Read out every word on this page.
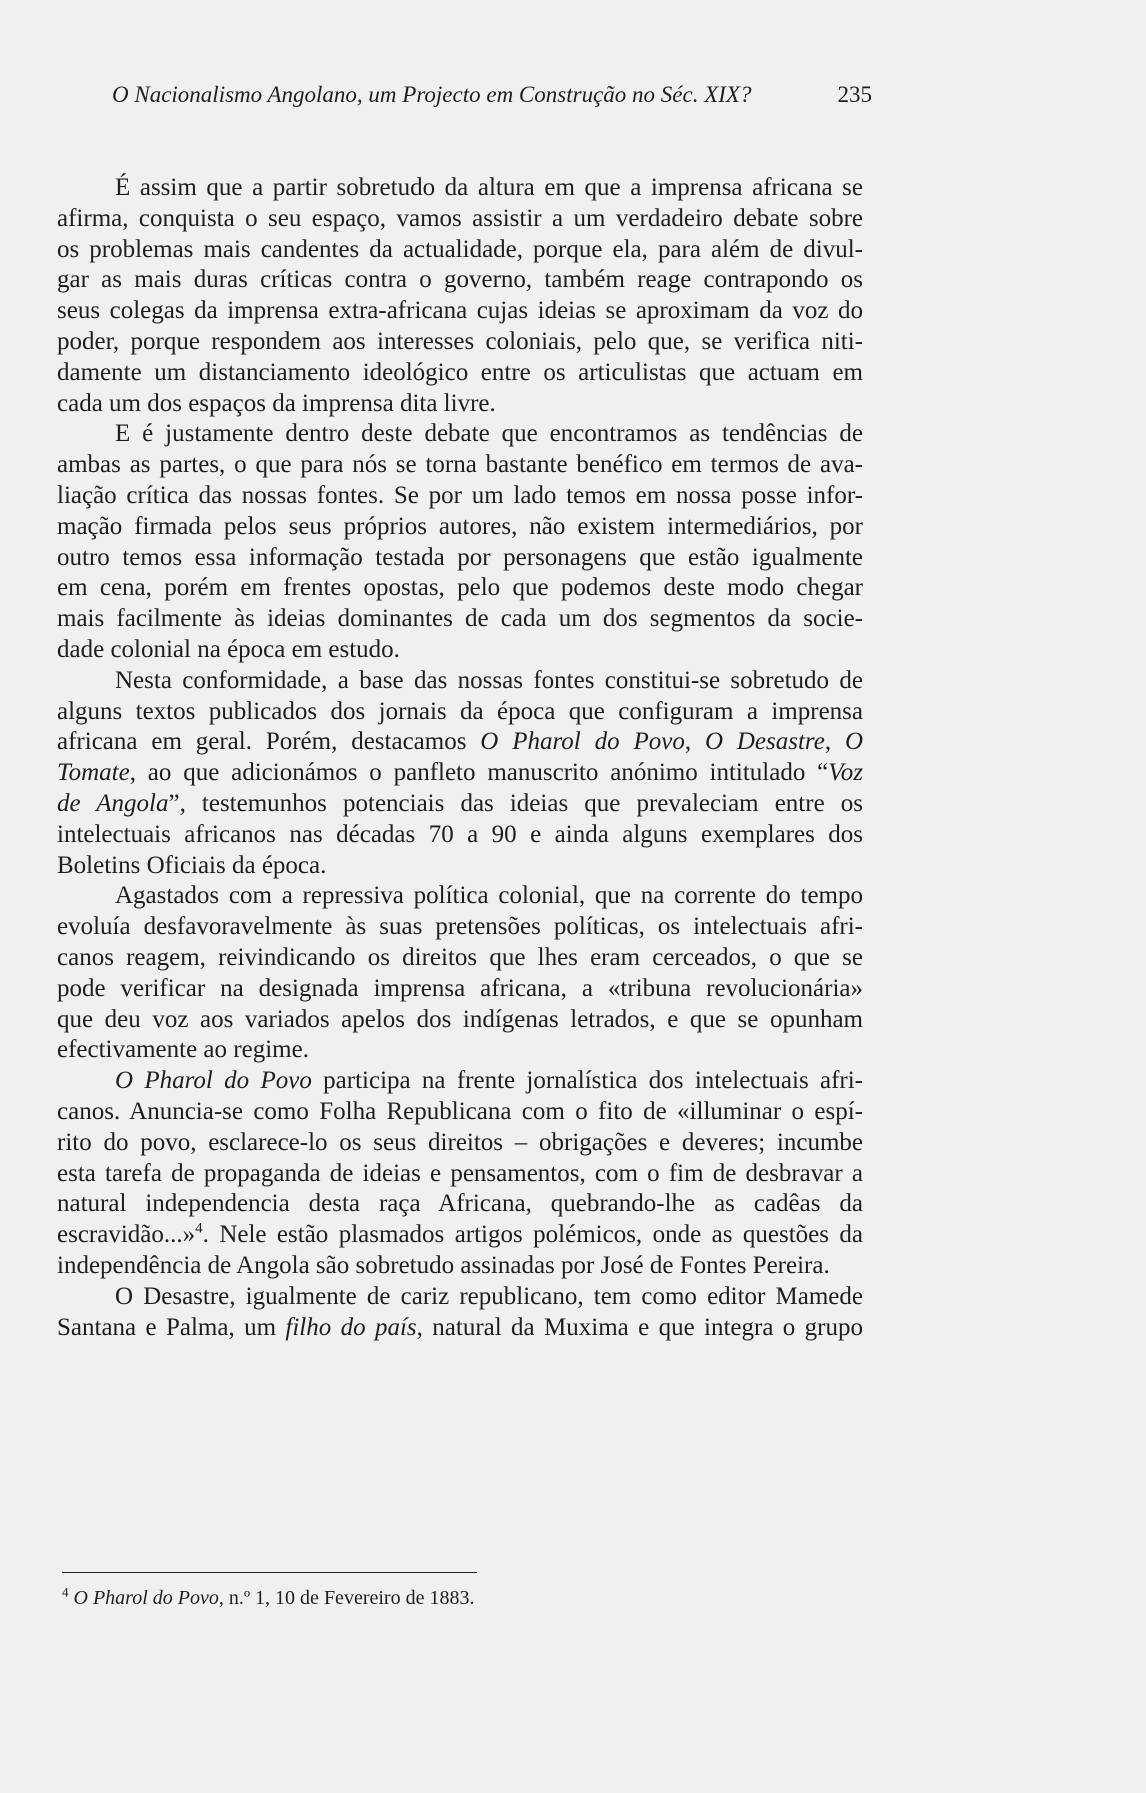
O Nacionalismo Angolano, um Projecto em Construção no Séc. XIX?	235
É assim que a partir sobretudo da altura em que a imprensa africana se
afirma, conquista o seu espaço, vamos assistir a um verdadeiro debate sobre
os problemas mais candentes da actualidade, porque ela, para além de divul-
gar as mais duras críticas contra o governo, também reage contrapondo os
seus colegas da imprensa extra-africana cujas ideias se aproximam da voz do
poder, porque respondem aos interesses coloniais, pelo que, se verifica niti-
damente um distanciamento ideológico entre os articulistas que actuam em
cada um dos espaços da imprensa dita livre.
E é justamente dentro deste debate que encontramos as tendências de
ambas as partes, o que para nós se torna bastante benéfico em termos de ava-
liação crítica das nossas fontes. Se por um lado temos em nossa posse infor-
mação firmada pelos seus próprios autores, não existem intermediários, por
outro temos essa informação testada por personagens que estão igualmente
em cena, porém em frentes opostas, pelo que podemos deste modo chegar
mais facilmente às ideias dominantes de cada um dos segmentos da socie-
dade colonial na época em estudo.
Nesta conformidade, a base das nossas fontes constitui-se sobretudo de
alguns textos publicados dos jornais da época que configuram a imprensa
africana em geral. Porém, destacamos O Pharol do Povo, O Desastre, O
Tomate, ao que adicionámos o panfleto manuscrito anónimo intitulado “Voz
de Angola”, testemunhos potenciais das ideias que prevaleciam entre os
intelectuais africanos nas décadas 70 a 90 e ainda alguns exemplares dos
Boletins Oficiais da época.
Agastados com a repressiva política colonial, que na corrente do tempo
evoluía desfavoravelmente às suas pretensões políticas, os intelectuais afri-
canos reagem, reivindicando os direitos que lhes eram cerceados, o que se
pode verificar na designada imprensa africana, a «tribuna revolucionária»
que deu voz aos variados apelos dos indígenas letrados, e que se opunham
efectivamente ao regime.
O Pharol do Povo participa na frente jornalística dos intelectuais afri-
canos. Anuncia-se como Folha Republicana com o fito de «illuminar o espí-
rito do povo, esclarece-lo os seus direitos – obrigações e deveres; incumbe
esta tarefa de propaganda de ideias e pensamentos, com o fim de desbravar a
natural independencia desta raça Africana, quebrando-lhe as cadêas da
escravidão...»$^4$. Nele estão plasmados artigos polémicos, onde as questões da
independência de Angola são sobretudo assinadas por José de Fontes Pereira.
O Desastre, igualmente de cariz republicano, tem como editor Mamede
Santana e Palma, um filho do país, natural da Muxima e que integra o grupo
$^4$ O Pharol do Povo, n.º 1, 10 de Fevereiro de 1883.
